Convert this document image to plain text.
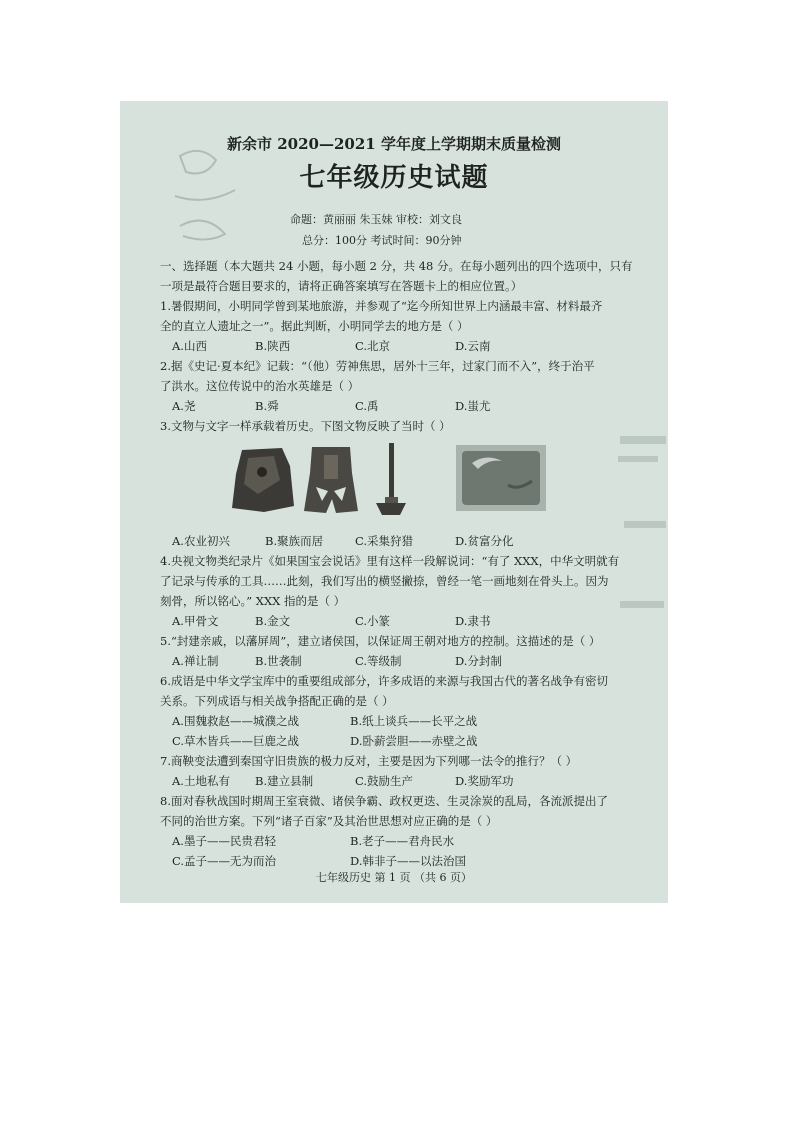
新余市 2020—2021 学年度上学期期末质量检测
七年级历史试题
命题：黄丽丽 朱玉妹 审校：刘文良
总分：100分 考试时间：90分钟
一、选择题（本大题共 24 小题，每小题 2 分，共 48 分。在每小题列出的四个选项中，只有
一项是最符合题目要求的，请将正确答案填写在答题卡上的相应位置。）
1.暑假期间，小明同学曾到某地旅游，并参观了“迄今所知世界上内涵最丰富、材料最齐
全的直立人遗址之一”。据此判断，小明同学去的地方是（ ）
A.山西	B.陕西	C.北京	D.云南
2.据《史记·夏本纪》记载：“（他）劳神焦思，居外十三年，过家门而不入”，终于治平
了洪水。这位传说中的治水英雄是（ ）
A.尧	B.舜	C.禹	D.蚩尤
3.文物与文字一样承载着历史。下图文物反映了当时（ ）
A.农业初兴	B.聚族而居	C.采集狩猎	D.贫富分化
4.央视文物类纪录片《如果国宝会说话》里有这样一段解说词：“有了 XXX，中华文明就有
了记录与传承的工具……此刻，我们写出的横竖撇捺，曾经一笔一画地刻在骨头上。因为
刻骨，所以铭心。” XXX 指的是（ ）
A.甲骨文	B.金文	C.小篆	D.隶书
5.“封建亲戚，以藩屏周”，建立诸侯国，以保证周王朝对地方的控制。这描述的是（ ）
A.禅让制	B.世袭制	C.等级制	D.分封制
6.成语是中华文学宝库中的重要组成部分，许多成语的来源与我国古代的著名战争有密切
关系。下列成语与相关战争搭配正确的是（ ）
A.围魏救赵——城濮之战	B.纸上谈兵——长平之战
C.草木皆兵——巨鹿之战	D.卧薪尝胆——赤壁之战
7.商鞅变法遭到秦国守旧贵族的极力反对，主要是因为下列哪一法令的推行？（ ）
A.土地私有 B.建立县制	C.鼓励生产	D.奖励军功
8.面对春秋战国时期周王室衰微、诸侯争霸、政权更迭、生灵涂炭的乱局，各流派提出了
不同的治世方案。下列“诸子百家”及其治世思想对应正确的是（ ）
A.墨子——民贵君轻	B.老子——君舟民水
C.孟子——无为而治	D.韩非子——以法治国
七年级历史 第 1 页 （共 6 页）
